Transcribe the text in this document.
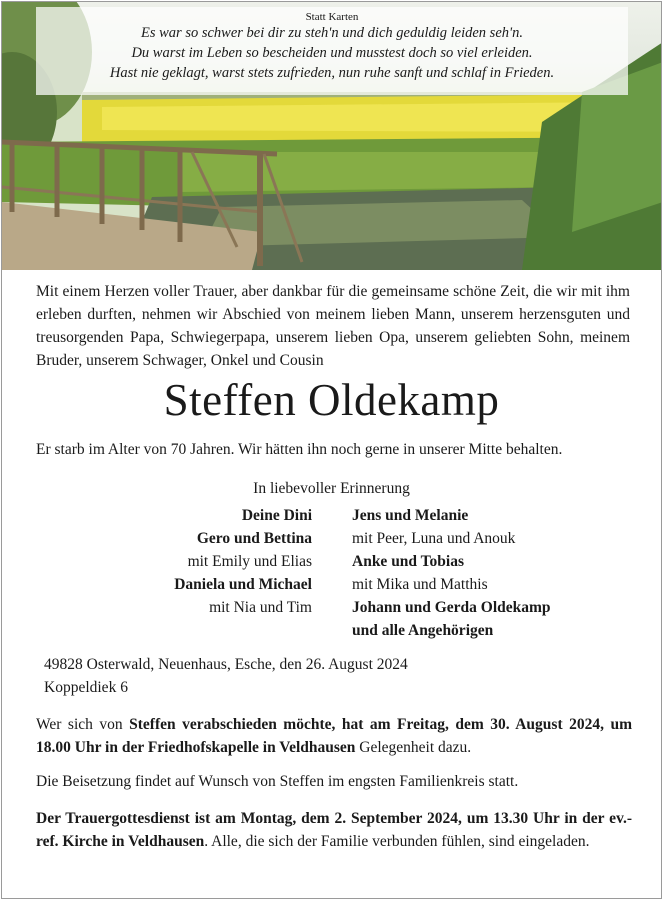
Statt Karten
Es war so schwer bei dir zu steh'n und dich geduldig leiden seh'n.
Du warst im Leben so bescheiden und musstest doch so viel erleiden.
Hast nie geklagt, warst stets zufrieden, nun ruhe sanft und schlaf in Frieden.

Mit einem Herzen voller Trauer, aber dankbar für die gemeinsame schöne Zeit, die wir mit ihm erleben durften, nehmen wir Abschied von meinem lieben Mann, unserem herzensguten und treusorgenden Papa, Schwiegerpapa, unserem lieben Opa, unserem geliebten Sohn, meinem Bruder, unserem Schwager, Onkel und Cousin

Steffen Oldekamp
Er starb im Alter von 70 Jahren. Wir hätten ihn noch gerne in unserer Mitte behalten.
In liebevoller Erinnerung
Deine Dini
Gero und Bettina
mit Emily und Elias
Daniela und Michael
mit Nia und Tim
Jens und Melanie
mit Peer, Luna und Anouk
Anke und Tobias
mit Mika und Matthis
Johann und Gerda Oldekamp
und alle Angehörigen
49828 Osterwald, Neuenhaus, Esche, den 26. August 2024
Koppeldiek 6

Wer sich von Steffen verabschieden möchte, hat am Freitag, dem 30. August 2024, um 18.00 Uhr in der Friedhofskapelle in Veldhausen Gelegenheit dazu.

Die Beisetzung findet auf Wunsch von Steffen im engsten Familienkreis statt.

Der Trauergottesdienst ist am Montag, dem 2. September 2024, um 13.30 Uhr in der ev.-ref. Kirche in Veldhausen. Alle, die sich der Familie verbunden fühlen, sind eingeladen.
